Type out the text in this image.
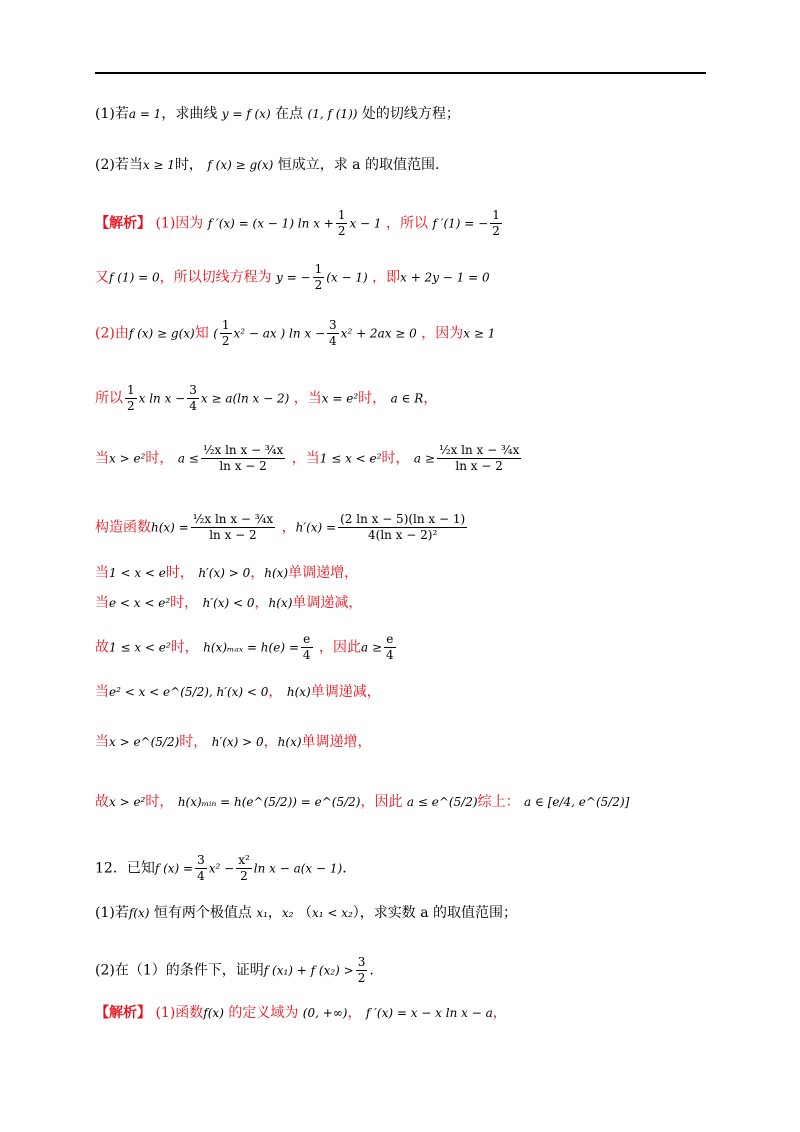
(1)若a = 1，求曲线 y = f (x) 在点 (1, f (1)) 处的切线方程；
(2)若当x ≥ 1时， f (x) ≥ g(x) 恒成立，求 a 的取值范围.
【解析】 (1)因为 f ′(x) = (x − 1) $\ln x + \frac{1}{2}$ x − 1 ，所以 f ′(1) = − $\frac{1}{2}$
又f (1) = 0，所以切线方程为 y = − $\frac{1}{2} (x - 1)$ ，即x + 2y − 1 = 0
(2)由f (x) ≥ g(x)知 ( $\frac{1}{2} x^2$ − ax ) $\ln x - \frac{3}{4} x^2 + 2ax \ge 0$ ，因为x ≥ 1
所以 $\frac{1}{2}$ x $\ln x - \frac{3}{4}$ x ≥ a(ln x − 2) ，当x = e²时， a ∈ R，
当x > e²时， $a \le \frac{\text{½x ln x − ¾x}}{\text{ln x − 2}}$ ，当1 ≤ x < e²时， $a \ge \frac{\text{½x ln x − ¾x}}{\text{ln x − 2}}$
构造函数$h(x) = \frac{\text{½x ln x − ¾x}}{\text{ln x − 2}}$ ，$h'(x) = \frac{\text{(2 ln x − 5)(ln x − 1)}}{\text{4(ln x − 2)²}}$
当1 < x < e时， h′(x) > 0，h(x)单调递增，
当e < x < e²时， h′(x) < 0，h(x)单调递减，
故1 ≤ x < e²时， $h(x)_{max} = h(e) = \frac{e}{4}$ ，因此$a \ge \frac{e}{4}$
当e² < x < e^(5/2), h′(x) < 0， h(x)单调递减，
当x > e^(5/2)时， h′(x) > 0，h(x)单调递增，
故x > e²时， h(x)ₘᵢₙ = h(e^(5/2)) = e^(5/2)，因此 a ≤ e^(5/2)综上： a ∈ [e/4, e^(5/2)]
12．已知f $(x) = \frac{3}{4} x^2 - \frac{\text{x²}}{2}$ ln x − a(x − 1).
(1)若f(x) 恒有两个极值点 x₁，x₂ （x₁ < x₂），求实数 a 的取值范围；
(2)在（1）的条件下，证明f (x₁) + f $(x_2) > \frac{3}{2}$ .
【解析】 (1)函数f(x) 的定义域为 (0, +∞)， f ′(x) = x − x ln x − a，
